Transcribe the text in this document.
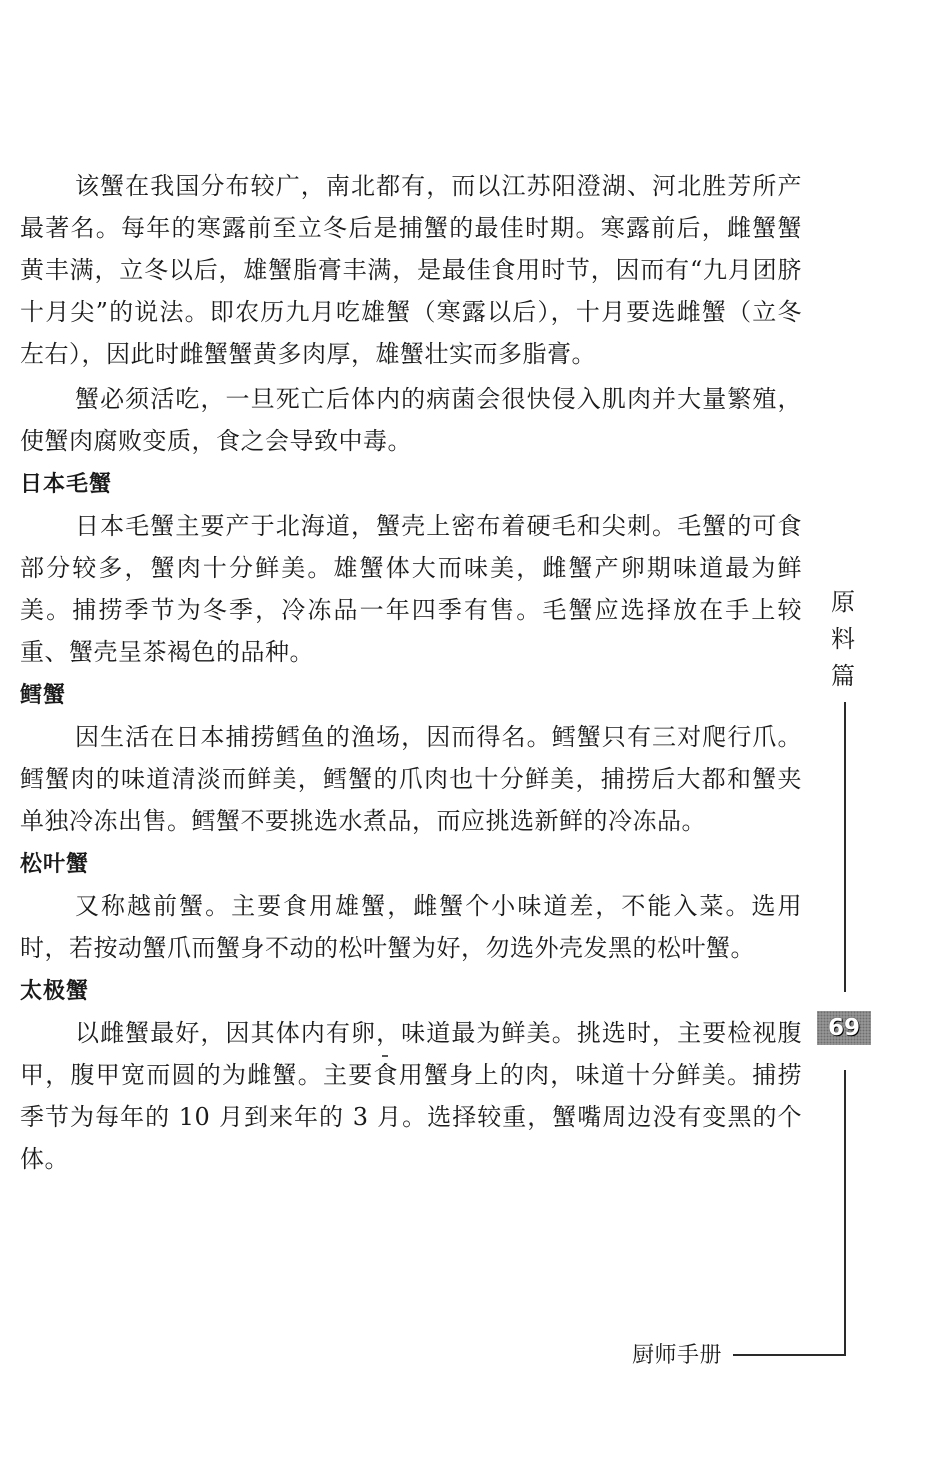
该蟹在我国分布较广，南北都有，而以江苏阳澄湖、河北胜芳所产最著名。每年的寒露前至立冬后是捕蟹的最佳时期。寒露前后，雌蟹蟹黄丰满，立冬以后，雄蟹脂膏丰满，是最佳食用时节，因而有“九月团脐十月尖”的说法。即农历九月吃雄蟹（寒露以后），十月要选雌蟹（立冬左右），因此时雌蟹蟹黄多肉厚，雄蟹壮实而多脂膏。

蟹必须活吃，一旦死亡后体内的病菌会很快侵入肌肉并大量繁殖，使蟹肉腐败变质，食之会导致中毒。

日本毛蟹

日本毛蟹主要产于北海道，蟹壳上密布着硬毛和尖刺。毛蟹的可食部分较多，蟹肉十分鲜美。雄蟹体大而味美，雌蟹产卵期味道最为鲜美。捕捞季节为冬季，冷冻品一年四季有售。毛蟹应选择放在手上较重、蟹壳呈茶褐色的品种。

鳕蟹

因生活在日本捕捞鳕鱼的渔场，因而得名。鳕蟹只有三对爬行爪。鳕蟹肉的味道清淡而鲜美，鳕蟹的爪肉也十分鲜美，捕捞后大都和蟹夹单独冷冻出售。鳕蟹不要挑选水煮品，而应挑选新鲜的冷冻品。

松叶蟹

又称越前蟹。主要食用雄蟹，雌蟹个小味道差，不能入菜。选用时，若按动蟹爪而蟹身不动的松叶蟹为好，勿选外壳发黑的松叶蟹。

太极蟹

以雌蟹最好，因其体内有卵，味道最为鲜美。挑选时，主要检视腹甲，腹甲宽而圆的为雌蟹。主要食用蟹身上的肉，味道十分鲜美。捕捞季节为每年的 10 月到来年的 3 月。选择较重，蟹嘴周边没有变黑的个体。

原
料
篇
69
厨师手册
